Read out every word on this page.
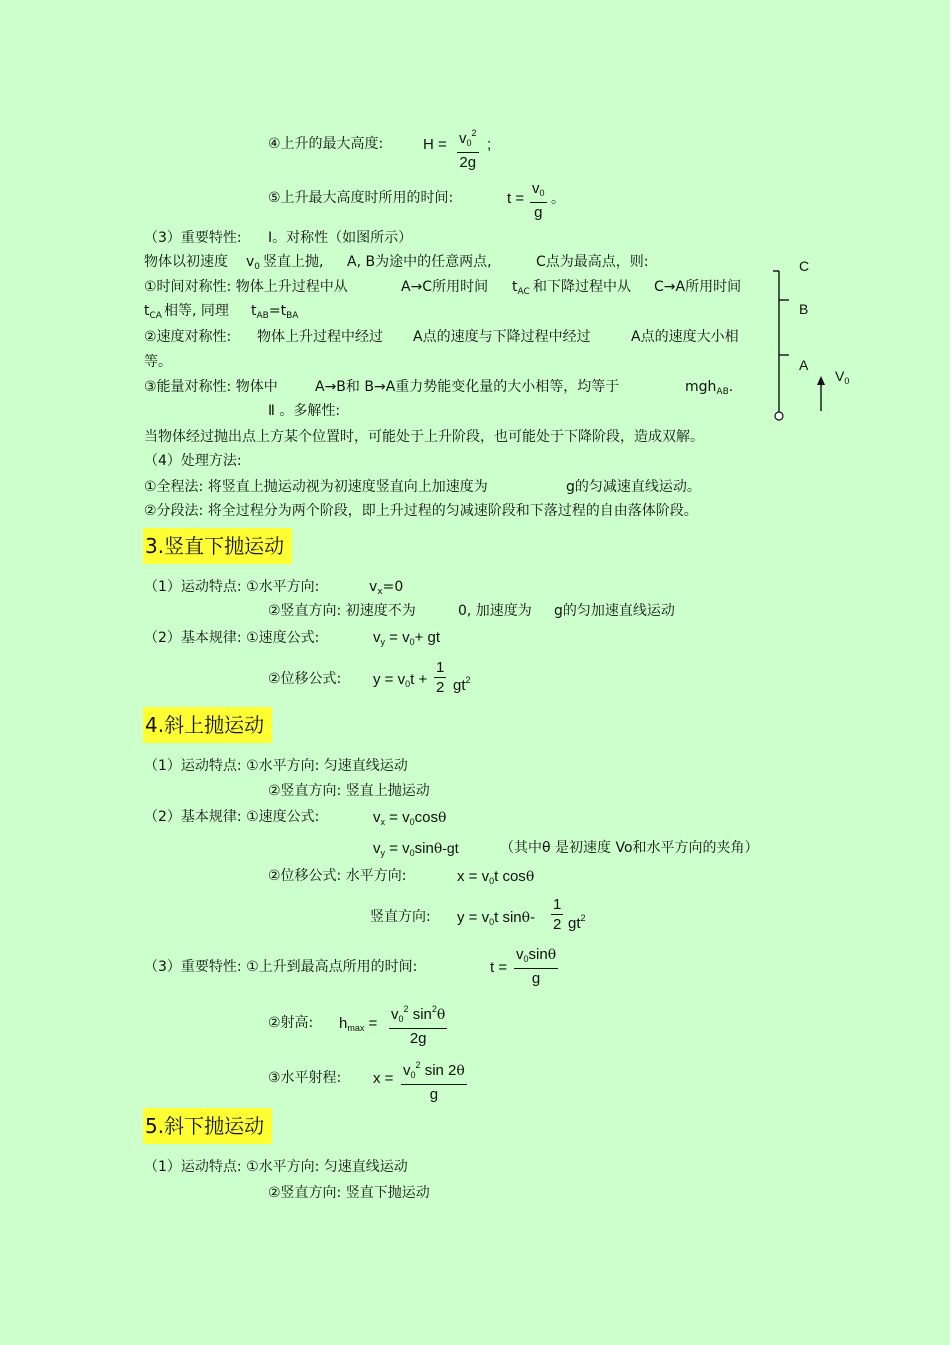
④上升的最大高度:	$H = \frac{v_0^2}{2g}$ ;
⑤上升最大高度时所用的时间:	$t = \frac{v_0}{g}$ 。
（3）重要特性: Ⅰ。对称性（如图所示）
物体以初速度 $v_0$ 竖直上抛, A, B为途中的任意两点,	C点为最高点，则:
①时间对称性: 物体上升过程中从	A→C所用时间 $t_{AC}$ 和下降过程中从 C→A所用时间
$t_{CA}$ 相等, 同理 $t_{AB}=t_{BA}$
②速度对称性: 物体上升过程中经过 A点的速度与下降过程中经过	A点的速度大小相
等。
③能量对称性: 物体中	A→B和 B→A重力势能变化量的大小相等，均等于	mgh$_{AB}$.
Ⅱ 。多解性:
当物体经过抛出点上方某个位置时，可能处于上升阶段，也可能处于下降阶段，造成双解。
（4）处理方法:
①全程法: 将竖直上抛运动视为初速度竖直向上加速度为	g的匀减速直线运动。
②分段法: 将全过程分为两个阶段，即上升过程的匀减速阶段和下落过程的自由落体阶段。
C
B
A
$V_0$
3.竖直下抛运动
（1）运动特点: ①水平方向:	$v_x=0$
②竖直方向: 初速度不为	0, 加速度为 g的匀加速直线运动
（2）基本规律: ①速度公式:	$v_y = v_0+$ gt
②位移公式: $y = v_0t + \frac{1}{2} gt^2$
4.斜上抛运动
（1）运动特点: ①水平方向: 匀速直线运动
②竖直方向: 竖直上抛运动
（2）基本规律: ①速度公式:	$v_x = v_0\cos\theta$
$v_y = v_0\sin\theta-gt$	（其中θ 是初速度 Vo和水平方向的夹角）
②位移公式: 水平方向:	$x = v_0t$ cosθ
竖直方向: $y = v_0t$ $\sin\theta- \frac{1}{2} gt^2$
（3）重要特性: ①上升到最高点所用的时间:	$t = \frac{v_0\sin\theta}{g}$
②射高: $h_{max} = \frac{v_0^2 \sin^2\theta}{2g}$
③水平射程: $x = \frac{v_0^2 \sin 2\theta}{g}$
5.斜下抛运动
（1）运动特点: ①水平方向: 匀速直线运动
②竖直方向: 竖直下抛运动
